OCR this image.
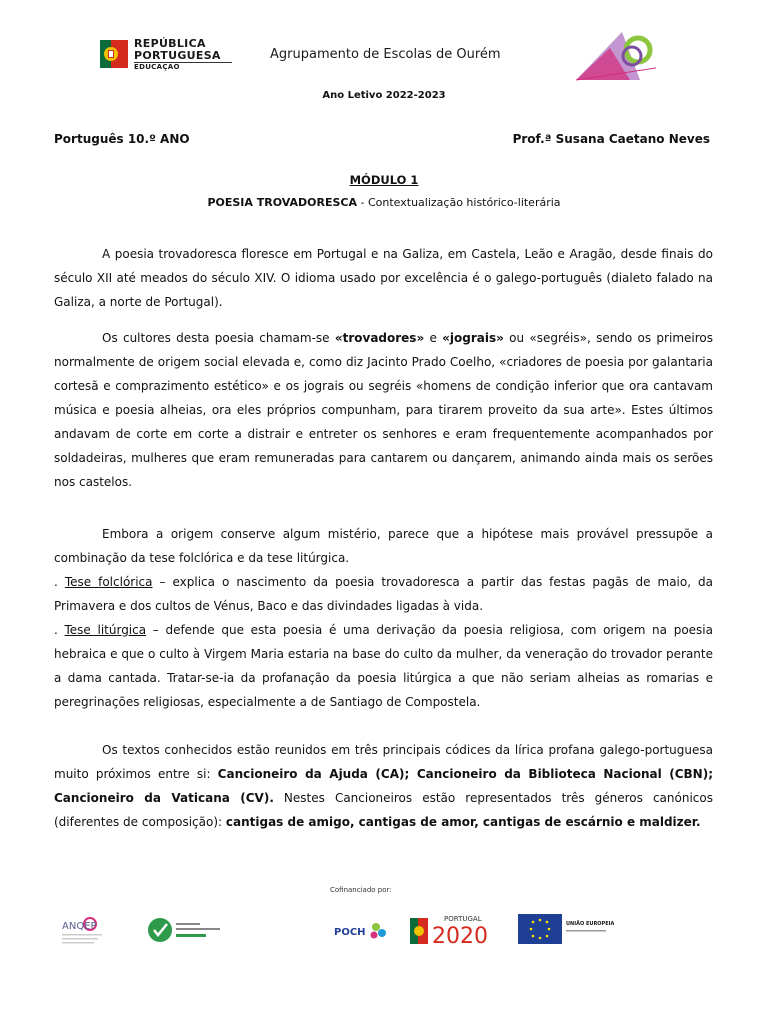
REPÚBLICA
PORTUGUESA
EDUCAÇÃO
Agrupamento de Escolas de Ourém
Ano Letivo 2022-2023
Português 10.º ANO	Prof.ª Susana Caetano Neves
MÓDULO 1
POESIA TROVADORESCA - Contextualização histórico-literária
A poesia trovadoresca floresce em Portugal e na Galiza, em Castela, Leão e Aragão, desde finais do século XII até meados do século XIV. O idioma usado por excelência é o galego-português (dialeto falado na Galiza, a norte de Portugal).
Os cultores desta poesia chamam-se «trovadores» e «jograis» ou «segréis», sendo os primeiros normalmente de origem social elevada e, como diz Jacinto Prado Coelho, «criadores de poesia por galantaria cortesã e comprazimento estético» e os jograis ou segréis «homens de condição inferior que ora cantavam música e poesia alheias, ora eles próprios compunham, para tirarem proveito da sua arte». Estes últimos andavam de corte em corte a distrair e entreter os senhores e eram frequentemente acompanhados por soldadeiras, mulheres que eram remuneradas para cantarem ou dançarem, animando ainda mais os serões nos castelos.
Embora a origem conserve algum mistério, parece que a hipótese mais provável pressupõe a combinação da tese folclórica e da tese litúrgica.
. Tese folclórica – explica o nascimento da poesia trovadoresca a partir das festas pagãs de maio, da Primavera e dos cultos de Vénus, Baco e das divindades ligadas à vida.
. Tese litúrgica – defende que esta poesia é uma derivação da poesia religiosa, com origem na poesia hebraica e que o culto à Virgem Maria estaria na base do culto da mulher, da veneração do trovador perante a dama cantada. Tratar-se-ia da profanação da poesia litúrgica a que não seriam alheias as romarias e peregrinações religiosas, especialmente a de Santiago de Compostela.
Os textos conhecidos estão reunidos em três principais códices da lírica profana galego-portuguesa muito próximos entre si: Cancioneiro da Ajuda (CA); Cancioneiro da Biblioteca Nacional (CBN); Cancioneiro da Vaticana (CV). Nestes Cancioneiros estão representados três géneros canónicos (diferentes de composição): cantigas de amigo, cantigas de amor, cantigas de escárnio e maldizer.
Cofinanciado por:
ANQEP
POCH
PORTUGAL
2020	UNIÃO EUROPEIA
